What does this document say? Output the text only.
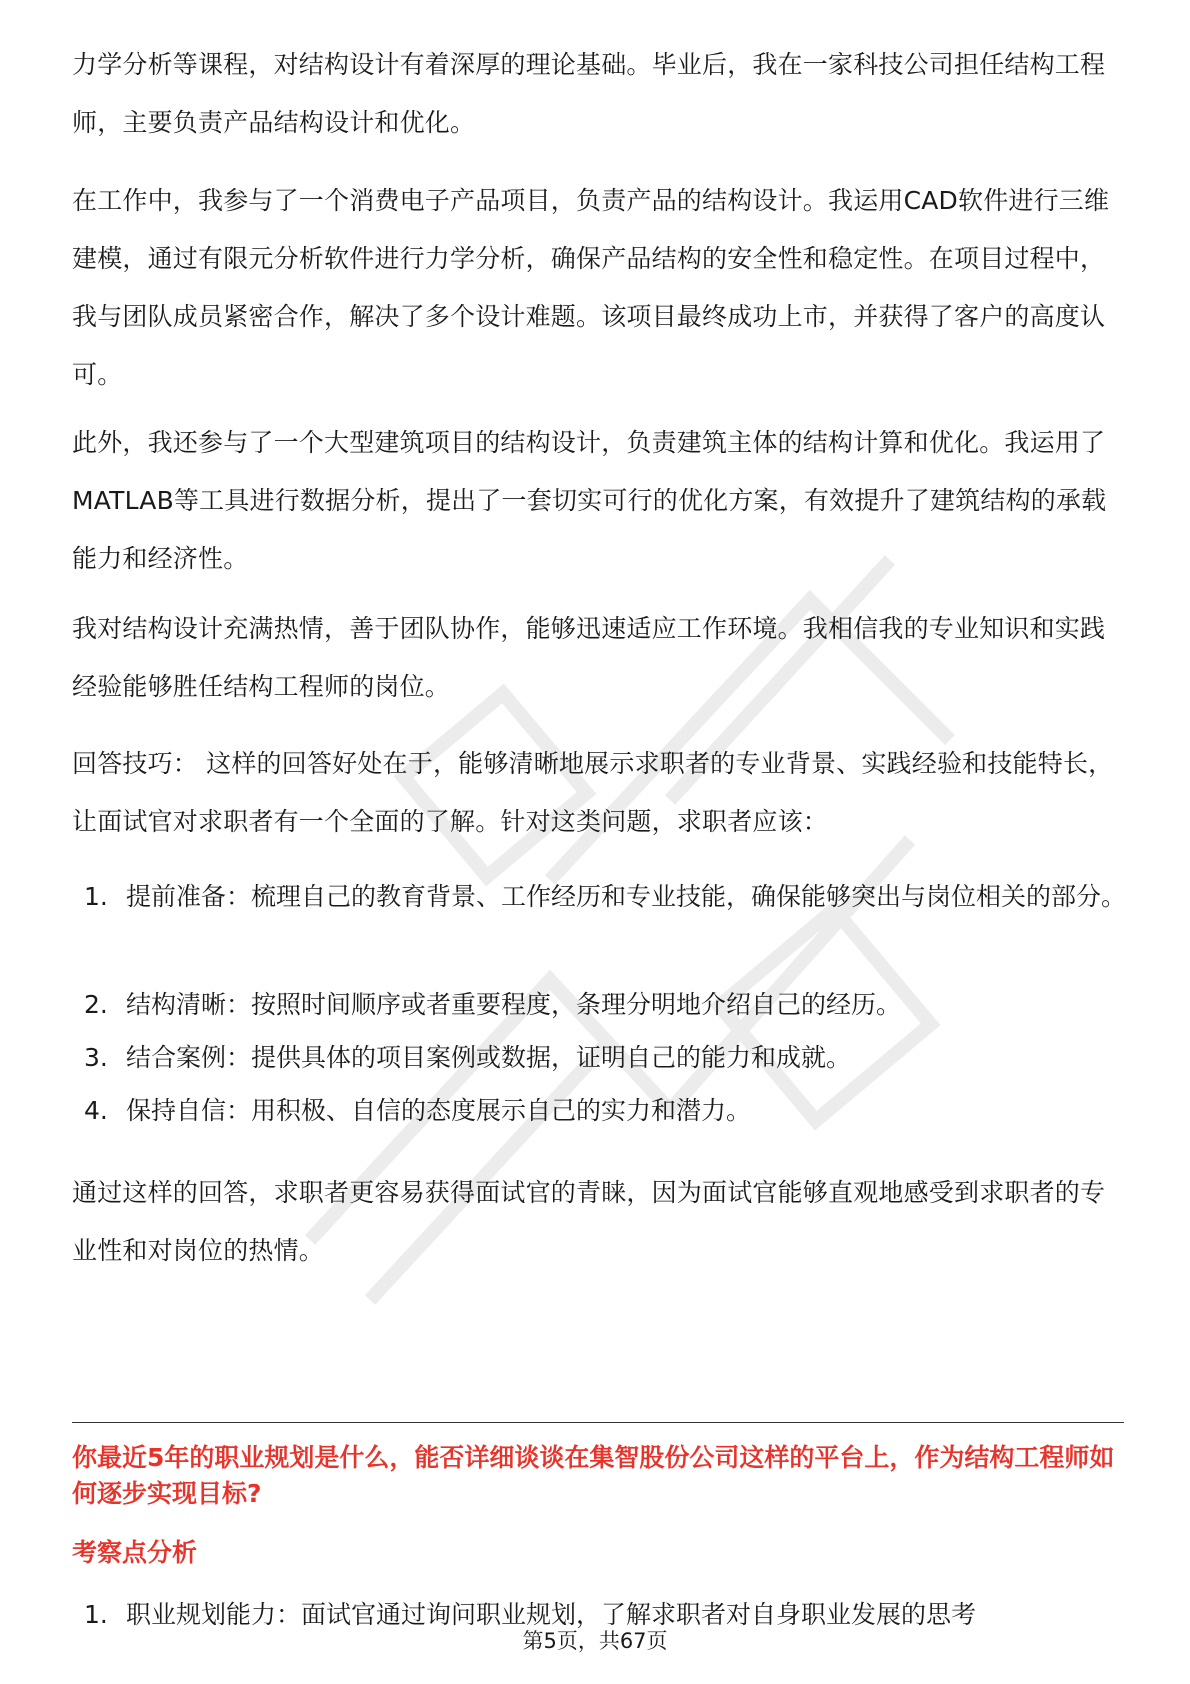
力学分析等课程，对结构设计有着深厚的理论基础。毕业后，我在一家科技公司担任结构工程师，主要负责产品结构设计和优化。

在工作中，我参与了一个消费电子产品项目，负责产品的结构设计。我运用CAD软件进行三维建模，通过有限元分析软件进行力学分析，确保产品结构的安全性和稳定性。在项目过程中，我与团队成员紧密合作，解决了多个设计难题。该项目最终成功上市，并获得了客户的高度认可。

此外，我还参与了一个大型建筑项目的结构设计，负责建筑主体的结构计算和优化。我运用了MATLAB等工具进行数据分析，提出了一套切实可行的优化方案，有效提升了建筑结构的承载能力和经济性。

我对结构设计充满热情，善于团队协作，能够迅速适应工作环境。我相信我的专业知识和实践经验能够胜任结构工程师的岗位。

回答技巧： 这样的回答好处在于，能够清晰地展示求职者的专业背景、实践经验和技能特长，让面试官对求职者有一个全面的了解。针对这类问题，求职者应该：

1. 提前准备：梳理自己的教育背景、工作经历和专业技能，确保能够突出与岗位相关的部分。
2. 结构清晰：按照时间顺序或者重要程度，条理分明地介绍自己的经历。
3. 结合案例：提供具体的项目案例或数据，证明自己的能力和成就。
4. 保持自信：用积极、自信的态度展示自己的实力和潜力。

通过这样的回答，求职者更容易获得面试官的青睐，因为面试官能够直观地感受到求职者的专业性和对岗位的热情。

你最近5年的职业规划是什么，能否详细谈谈在集智股份公司这样的平台上，作为结构工程师如何逐步实现目标?

考察点分析

1. 职业规划能力：面试官通过询问职业规划，了解求职者对自身职业发展的思考
第5页，共67页
